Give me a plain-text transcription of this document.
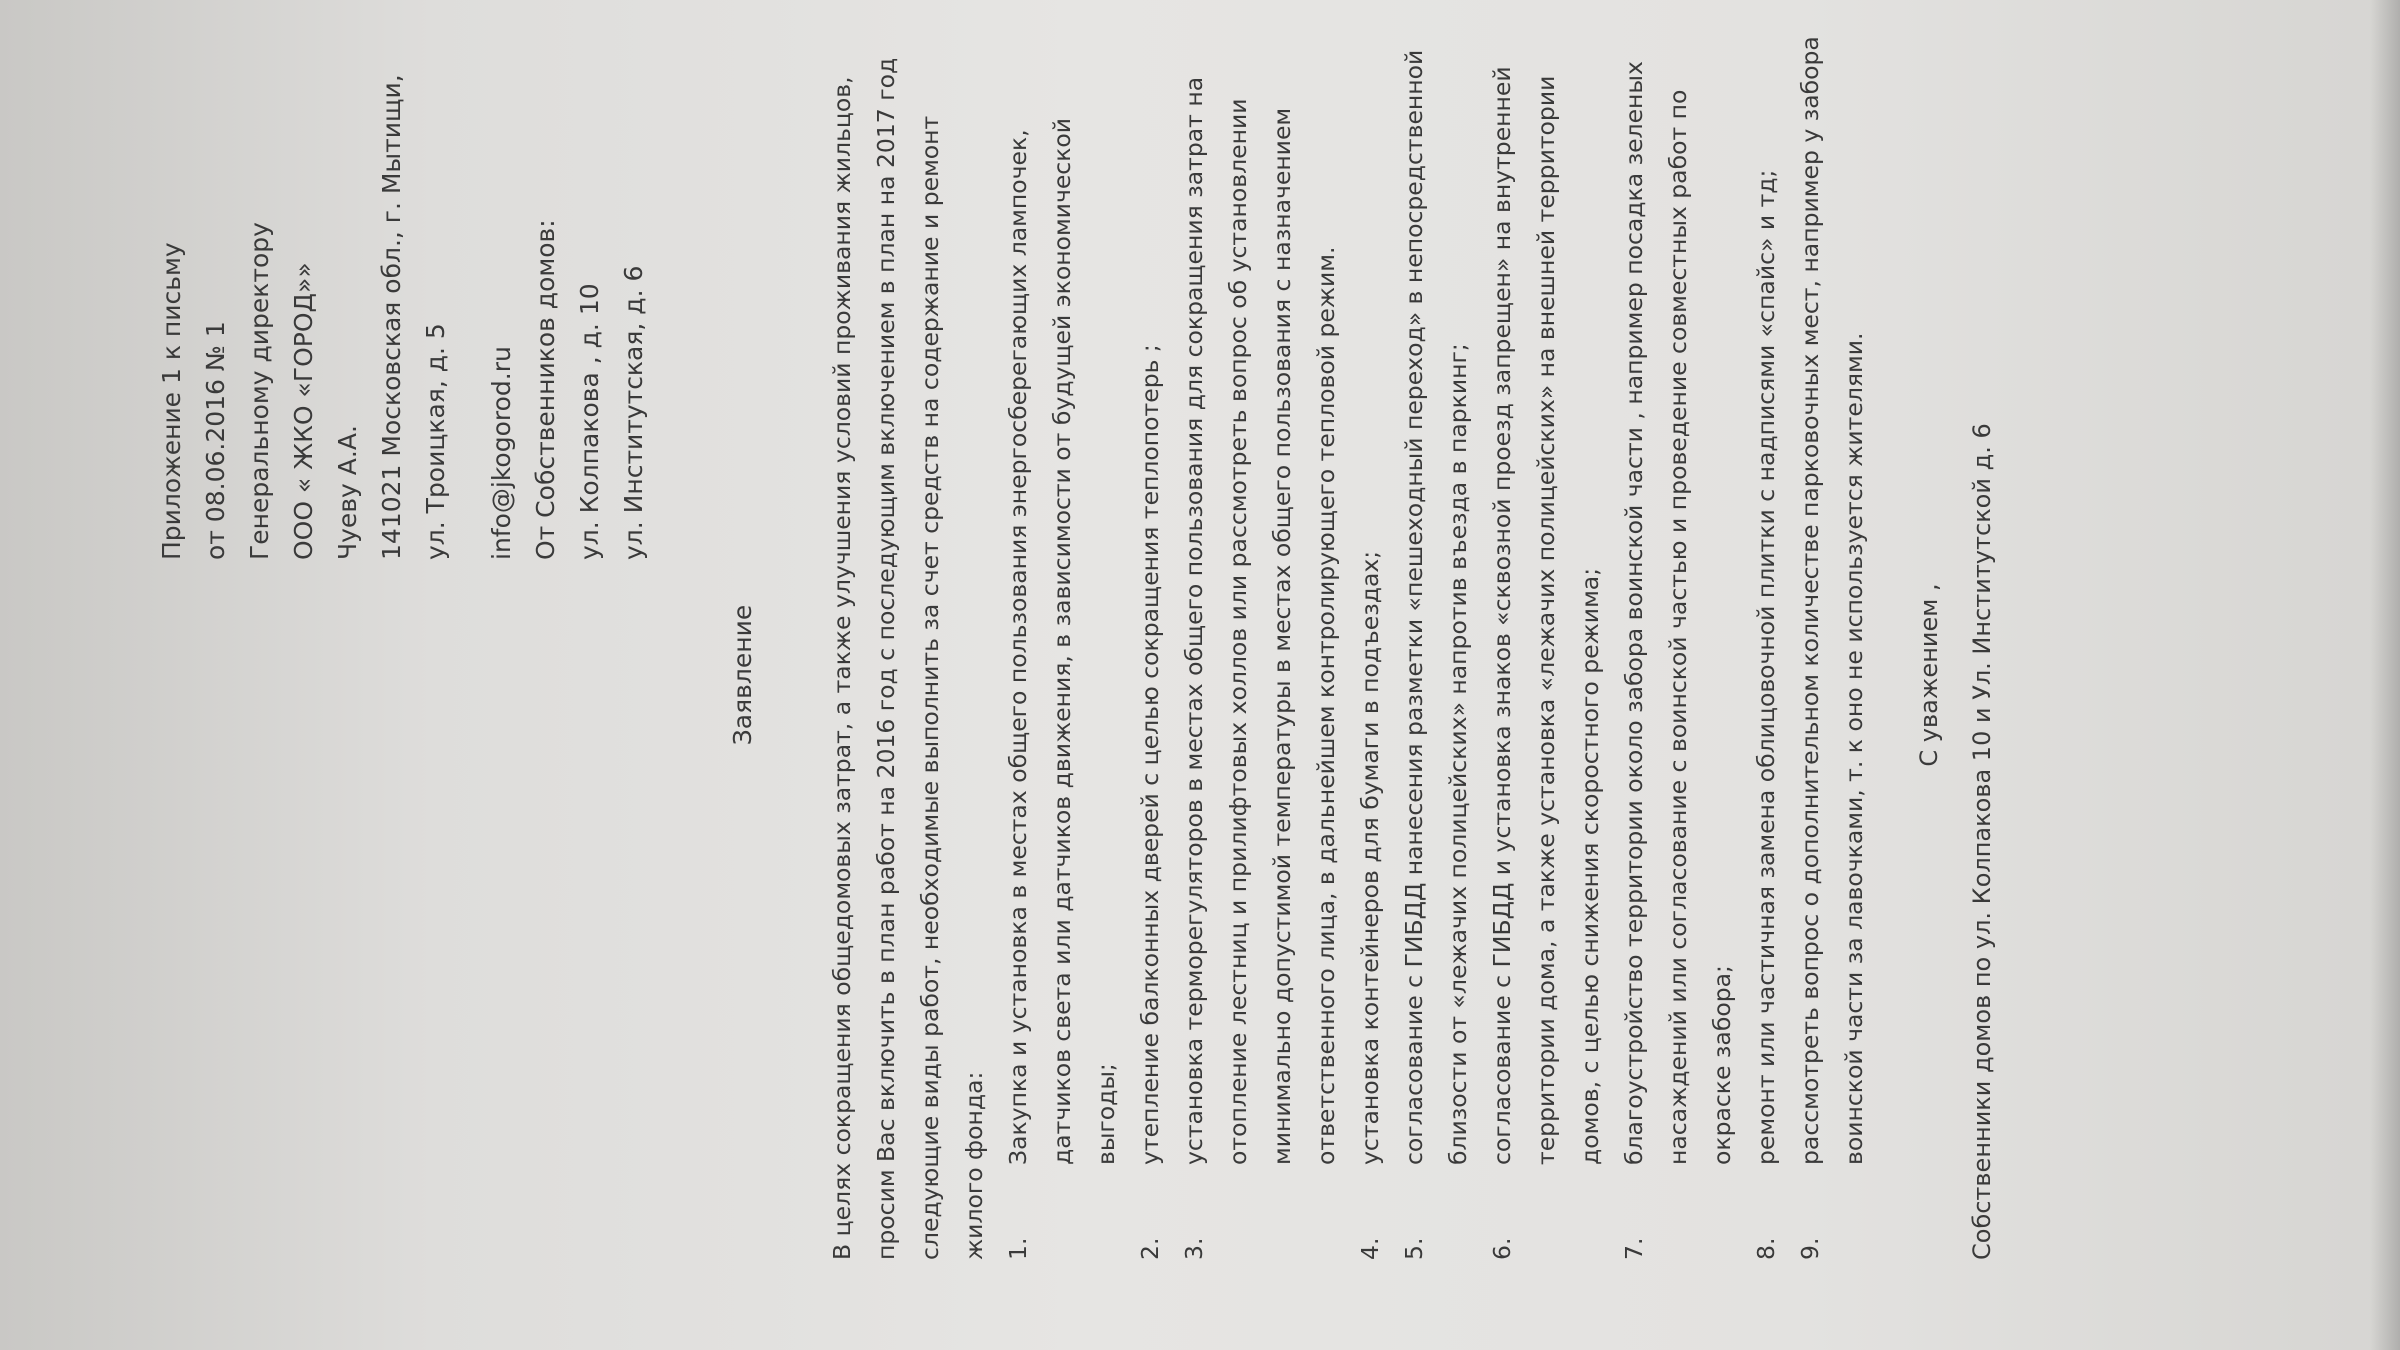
Приложение 1 к письму от 08.06.2016 № 1 Генеральному директору ООО « ЖКО «ГОРОД»» Чуеву А.А. 141021 Московская обл., г. Мытищи, ул. Троицкая, д. 5	info@jkogorod.ru От Собственников домов: ул. Колпакова , д. 10 ул. Институтская, д. 6
Заявление	В целях сокращения общедомовых затрат, а также улучшения условий проживания жильцов, просим Вас включить в план работ на 2016 год с последующим включением в план на 2017 год следующие виды работ, необходимые выполнить за счет средств на содержание и ремонт жилого фонда: 1.
Закупка и установка в местах общего пользования энергосберегающих лампочек, датчиков света или датчиков движения, в зависимости от будущей экономической выгоды;
2.
утепление балконных дверей с целью сокращения теплопотерь ;
3.
установка терморегуляторов в местах общего пользования для сокращения затрат на отопление лестниц и прилифтовых холлов или рассмотреть вопрос об установлении минимально допустимой температуры в местах общего пользования с назначением ответственного лица, в дальнейшем контролирующего тепловой режим.
4.
установка контейнеров для бумаги в подъездах;
5.
согласование с ГИБДД нанесения разметки «пешеходный переход» в непосредственной близости от «лежачих полицейских» напротив въезда в паркинг;
6.
согласование с ГИБДД и установка знаков «сквозной проезд запрещен» на внутренней территории дома, а также установка «лежачих полицейских» на внешней территории домов, с целью снижения скоростного режима;
7.
благоустройство территории около забора воинской части , например посадка зеленых насаждений или согласование с воинской частью и проведение совместных работ по окраске забора;
8.
ремонт или частичная замена облицовочной плитки с надписями «спайс» и тд;
9.
рассмотреть вопрос о дополнительном количестве парковочных мест, например у забора воинской части за лавочками, т. к оно не используется жителями.	С уважением ,	Собственники домов по ул. Колпакова 10 и Ул. Институтской д. 6
